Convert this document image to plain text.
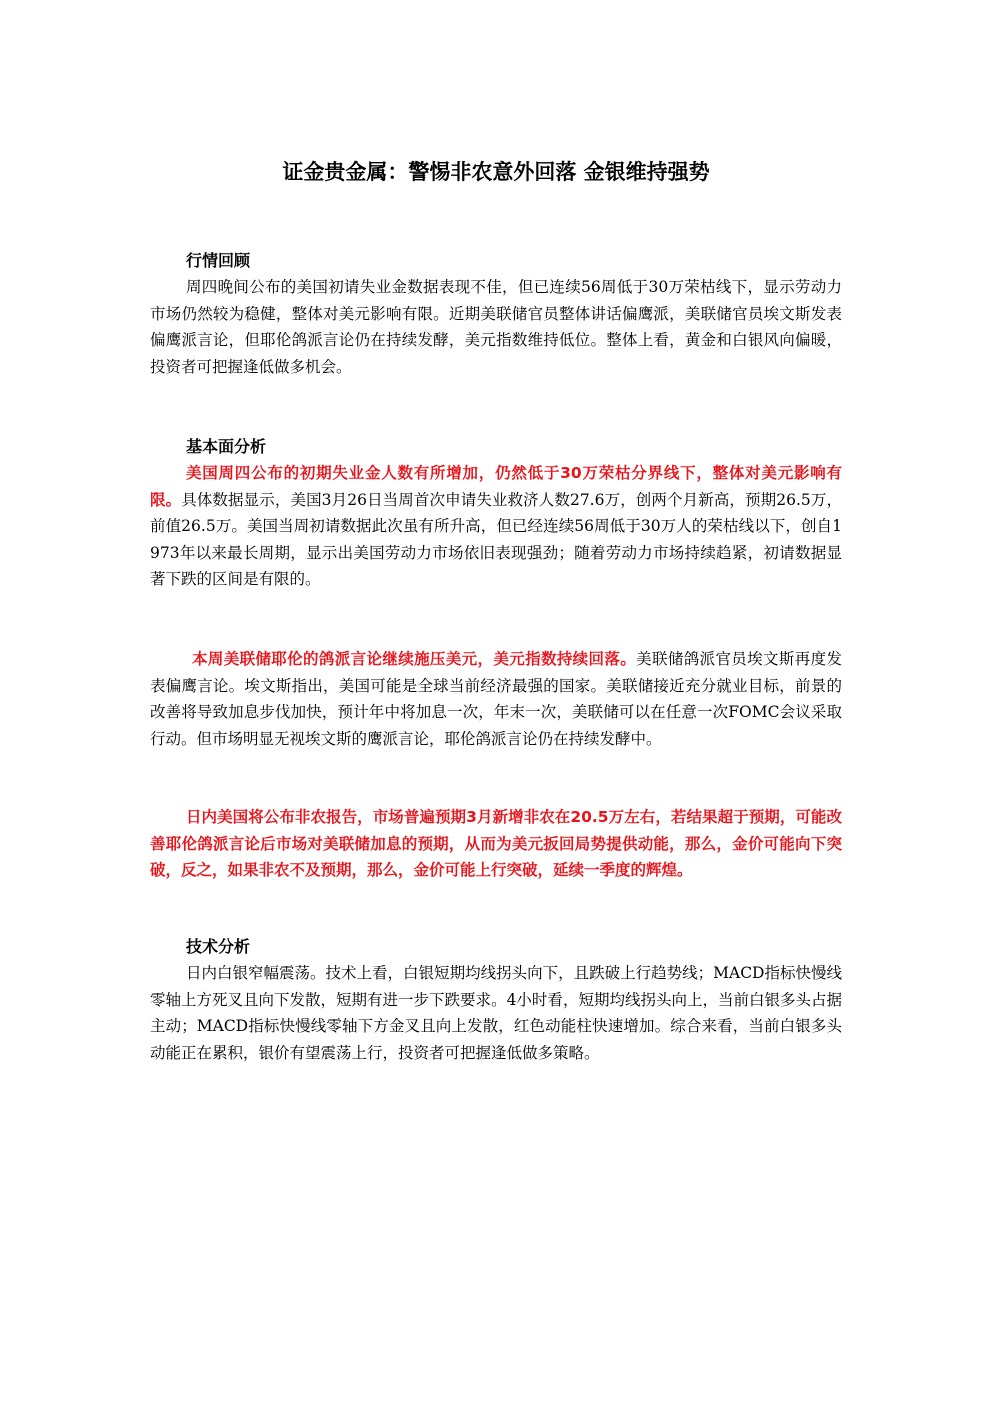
证金贵金属：警惕非农意外回落 金银维持强势
行情回顾

周四晚间公布的美国初请失业金数据表现不佳，但已连续56周低于30万荣枯线下，显示劳动力市场仍然较为稳健，整体对美元影响有限。近期美联储官员整体讲话偏鹰派，美联储官员埃文斯发表偏鹰派言论，但耶伦鸽派言论仍在持续发酵，美元指数维持低位。整体上看，黄金和白银风向偏暖，投资者可把握逢低做多机会。

基本面分析

美国周四公布的初期失业金人数有所增加，仍然低于30万荣枯分界线下，整体对美元影响有限。具体数据显示，美国3月26日当周首次申请失业救济人数27.6万，创两个月新高，预期26.5万，前值26.5万。美国当周初请数据此次虽有所升高，但已经连续56周低于30万人的荣枯线以下，创自1973年以来最长周期，显示出美国劳动力市场依旧表现强劲；随着劳动力市场持续趋紧，初请数据显著下跌的区间是有限的。

本周美联储耶伦的鸽派言论继续施压美元，美元指数持续回落。美联储鸽派官员埃文斯再度发表偏鹰言论。埃文斯指出，美国可能是全球当前经济最强的国家。美联储接近充分就业目标，前景的改善将导致加息步伐加快，预计年中将加息一次，年末一次，美联储可以在任意一次FOMC会议采取行动。但市场明显无视埃文斯的鹰派言论，耶伦鸽派言论仍在持续发酵中。

日内美国将公布非农报告，市场普遍预期3月新增非农在20.5万左右，若结果超于预期，可能改善耶伦鸽派言论后市场对美联储加息的预期，从而为美元扳回局势提供动能，那么，金价可能向下突破，反之，如果非农不及预期，那么，金价可能上行突破，延续一季度的辉煌。

技术分析

日内白银窄幅震荡。技术上看，白银短期均线拐头向下，且跌破上行趋势线；MACD指标快慢线零轴上方死叉且向下发散，短期有进一步下跌要求。4小时看，短期均线拐头向上，当前白银多头占据主动；MACD指标快慢线零轴下方金叉且向上发散，红色动能柱快速增加。综合来看，当前白银多头动能正在累积，银价有望震荡上行，投资者可把握逢低做多策略。
